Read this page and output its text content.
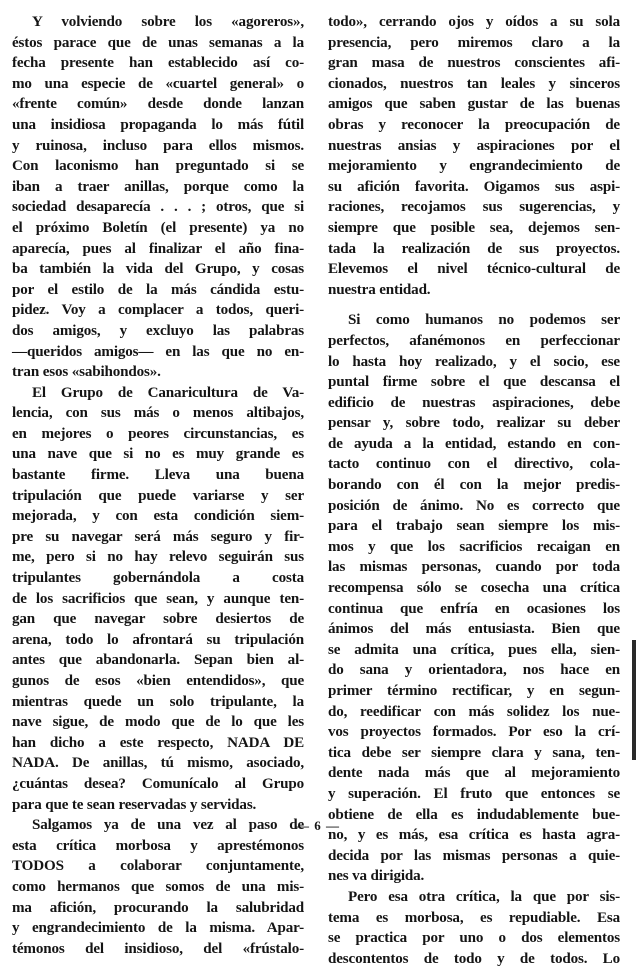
Y volviendo sobre los «agoreros»,
éstos parace que de unas semanas a la
fecha presente han establecido así co-
mo una especie de «cuartel general» o
«frente común» desde donde lanzan
una insidiosa propaganda lo más fútil
y ruinosa, incluso para ellos mismos.
Con laconismo han preguntado si se
iban a traer anillas, porque como la
sociedad desaparecía . . . ; otros, que si
el próximo Boletín (el presente) ya no
aparecía, pues al finalizar el año fina-
ba también la vida del Grupo, y cosas
por el estilo de la más cándida estu-
pidez. Voy a complacer a todos, queri-
dos amigos, y excluyo las palabras
—queridos amigos— en las que no en-
tran esos «sabihondos».
El Grupo de Canaricultura de Va-
lencia, con sus más o menos altibajos,
en mejores o peores circunstancias, es
una nave que si no es muy grande es
bastante firme. Lleva una buena
tripulación que puede variarse y ser
mejorada, y con esta condición siem-
pre su navegar será más seguro y fir-
me, pero si no hay relevo seguirán sus
tripulantes gobernándola a costa
de los sacrificios que sean, y aunque ten-
gan que navegar sobre desiertos de
arena, todo lo afrontará su tripulación
antes que abandonarla. Sepan bien al-
gunos de esos «bien entendidos», que
mientras quede un solo tripulante, la
nave sigue, de modo que de lo que les
han dicho a este respecto, NADA DE
NADA. De anillas, tú mismo, asociado,
¿cuántas desea? Comunícalo al Grupo
para que te sean reservadas y servidas.
Salgamos ya de una vez al paso de
esta crítica morbosa y aprestémonos
TODOS a colaborar conjuntamente,
como hermanos que somos de una mis-
ma afición, procurando la salubridad
y engrandecimiento de la misma. Apar-
témonos del insidioso, del «frústalo-
todo», cerrando ojos y oídos a su sola
presencia, pero miremos claro a la
gran masa de nuestros conscientes afi-
cionados, nuestros tan leales y sinceros
amigos que saben gustar de las buenas
obras y reconocer la preocupación de
nuestras ansias y aspiraciones por el
mejoramiento y engrandecimiento de
su afición favorita. Oigamos sus aspi-
raciones, recojamos sus sugerencias, y
siempre que posible sea, dejemos sen-
tada la realización de sus proyectos.
Elevemos el nivel técnico-cultural de
nuestra entidad.
Si como humanos no podemos ser
perfectos, afanémonos en perfeccionar
lo hasta hoy realizado, y el socio, ese
puntal firme sobre el que descansa el
edificio de nuestras aspiraciones, debe
pensar y, sobre todo, realizar su deber
de ayuda a la entidad, estando en con-
tacto continuo con el directivo, cola-
borando con él con la mejor predis-
posición de ánimo. No es correcto que
para el trabajo sean siempre los mis-
mos y que los sacrificios recaigan en
las mismas personas, cuando por toda
recompensa sólo se cosecha una crítica
continua que enfría en ocasiones los
ánimos del más entusiasta. Bien que
se admita una crítica, pues ella, sien-
do sana y orientadora, nos hace en
primer término rectificar, y en segun-
do, reedificar con más solidez los nue-
vos proyectos formados. Por eso la crí-
tica debe ser siempre clara y sana, ten-
dente nada más que al mejoramiento
y superación. El fruto que entonces se
obtiene de ella es indudablemente bue-
no, y es más, esa crítica es hasta agra-
decida por las mismas personas a quie-
nes va dirigida.
Pero esa otra crítica, la que por sis-
tema es morbosa, es repudiable. Esa
se practica por uno o dos elementos
descontentos de todo y de todos. Lo
— 6 —
